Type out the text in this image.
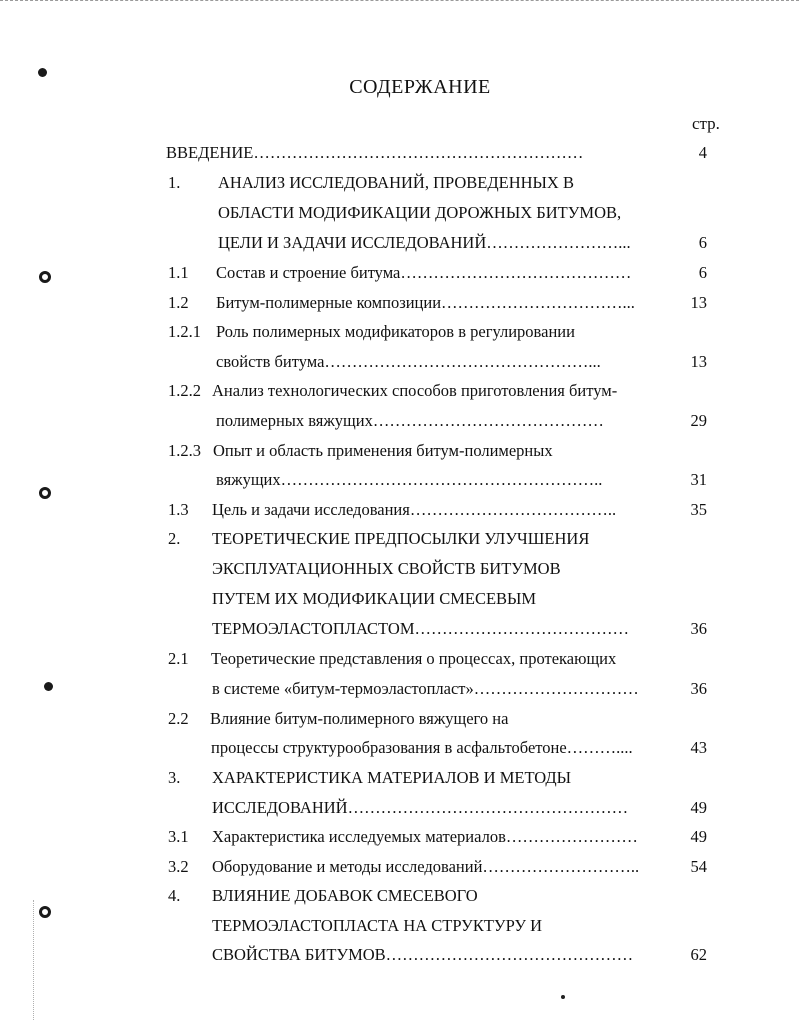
СОДЕРЖАНИЕ
стр.
ВВЕДЕНИЕ……………………………………………………	4
1. АНАЛИЗ ИССЛЕДОВАНИЙ, ПРОВЕДЕННЫХ В
ОБЛАСТИ МОДИФИКАЦИИ ДОРОЖНЫХ БИТУМОВ,
ЦЕЛИ И ЗАДАЧИ ИССЛЕДОВАНИЙ……………………...	6
1.1 Состав и строение битума……………………………………	6
1.2 Битум-полимерные композиции……………………………...	13
1.2.1 Роль полимерных модификаторов в регулировании
свойств битума…………………………………………...	13
1.2.2 Анализ технологических способов приготовления битум-
полимерных вяжущих……………………………………	29
1.2.3 Опыт и область применения битум-полимерных
вяжущих…………………………………………………..	31
1.3 Цель и задачи исследования………………………………..	35
2. ТЕОРЕТИЧЕСКИЕ ПРЕДПОСЫЛКИ УЛУЧШЕНИЯ
ЭКСПЛУАТАЦИОННЫХ СВОЙСТВ БИТУМОВ
ПУТЕМ ИХ МОДИФИКАЦИИ СМЕСЕВЫМ
ТЕРМОЭЛАСТОПЛАСТОМ…………………………………	36
2.1 Теоретические представления о процессах, протекающих
в системе «битум-термоэластопласт»…………………………	36
2.2 Влияние битум-полимерного вяжущего на
процессы структурообразования в асфальтобетоне………....	43
3. ХАРАКТЕРИСТИКА МАТЕРИАЛОВ И МЕТОДЫ
ИССЛЕДОВАНИЙ……………………………………………	49
3.1 Характеристика исследуемых материалов……………………	49
3.2 Оборудование и методы исследований………………………..	54
4. ВЛИЯНИЕ ДОБАВОК СМЕСЕВОГО
ТЕРМОЭЛАСТОПЛАСТА НА СТРУКТУРУ И
СВОЙСТВА БИТУМОВ………………………………………	62
